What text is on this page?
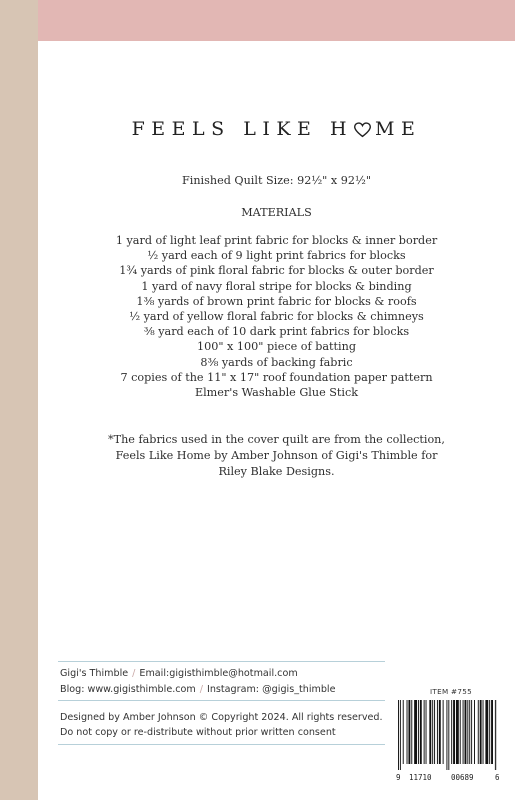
FEELS LIKE H ME
Finished Quilt Size: 92½" x 92½"
MATERIALS
1 yard of light leaf print fabric for blocks & inner border
½ yard each of 9 light print fabrics for blocks
1¾ yards of pink floral fabric for blocks & outer border
1 yard of navy floral stripe for blocks & binding
1⅜ yards of brown print fabric for blocks & roofs
½ yard of yellow floral fabric for blocks & chimneys
⅜ yard each of 10 dark print fabrics for blocks
100" x 100" piece of batting
8⅜ yards of backing fabric
7 copies of the 11" x 17" roof foundation paper pattern
Elmer's Washable Glue Stick
*The fabrics used in the cover quilt are from the collection,
Feels Like Home by Amber Johnson of Gigi's Thimble for
Riley Blake Designs.
Gigi's Thimble / Email:gigisthimble@hotmail.com
Blog: www.gigisthimble.com / Instagram: @gigis_thimble
Designed by Amber Johnson © Copyright 2024. All rights reserved.
Do not copy or re-distribute without prior written consent
ITEM #755
9 11710	00689	6
